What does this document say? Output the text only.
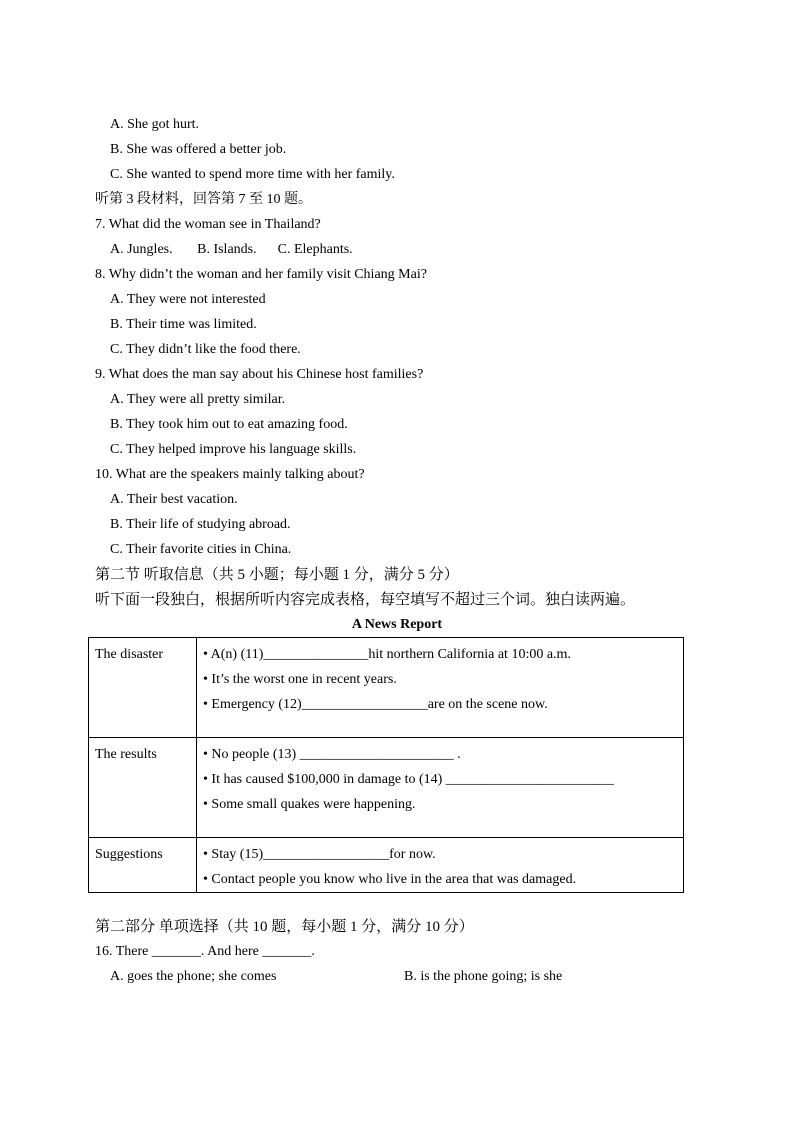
A. She got hurt.
B. She was offered a better job.
C. She wanted to spend more time with her family.
听第 3 段材料，回答第 7 至 10 题。
7. What did the woman see in Thailand?
A. Jungles.       B. Islands.      C. Elephants.
8. Why didn’t the woman and her family visit Chiang Mai?
A. They were not interested
B. Their time was limited.
C. They didn’t like the food there.
9. What does the man say about his Chinese host families?
A. They were all pretty similar.
B. They took him out to eat amazing food.
C. They helped improve his language skills.
10. What are the speakers mainly talking about?
A. Their best vacation.
B. Their life of studying abroad.
C. Their favorite cities in China.
第二节 听取信息（共 5 小题；每小题 1 分，满分 5 分）
听下面一段独白，根据所听内容完成表格，每空填写不超过三个词。独白读两遍。
A News Report
The disaster	• A(n) (11)_______________hit northern California at 10:00 a.m.
• It’s the worst one in recent years.
• Emergency (12)__________________are on the scene now.

The results	• No people (13) ______________________ .
• It has caused $100,000 in damage to (14) ________________________
• Some small quakes were happening.

Suggestions	• Stay (15)__________________for now.
• Contact people you know who live in the area that was damaged.
第二部分 单项选择（共 10 题，每小题 1 分，满分 10 分）
16. There _______. And here _______.
A. goes the phone; she comes	B. is the phone going; is she
